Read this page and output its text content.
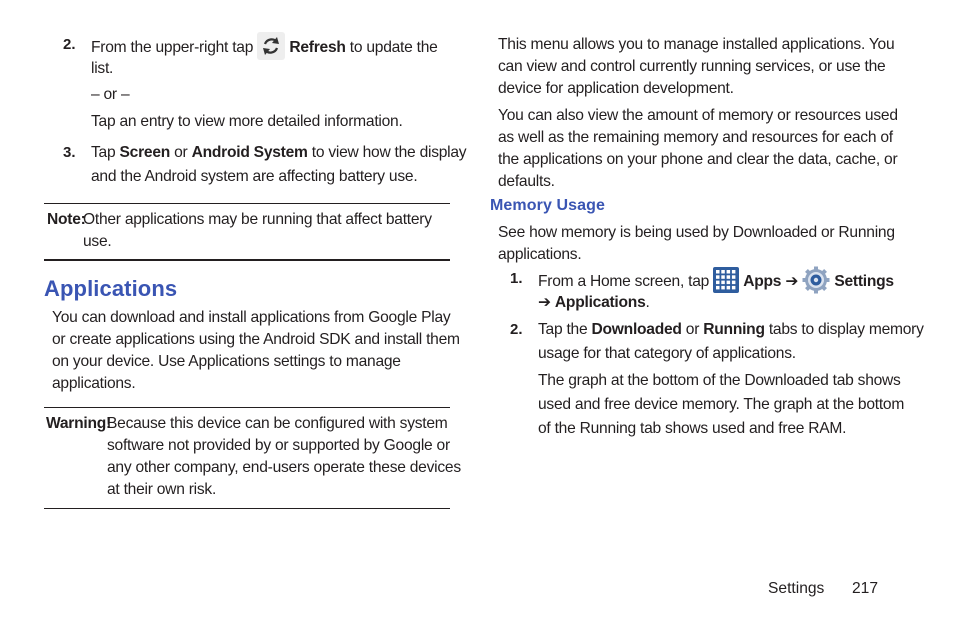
2. From the upper-right tap Refresh to update the
list.
– or –
Tap an entry to view more detailed information.
3. Tap Screen or Android System to view how the display
and the Android system are affecting battery use.
Note:
Other applications may be running that affect battery
use.
Applications
You can download and install applications from Google Play
or create applications using the Android SDK and install them
on your device. Use Applications settings to manage
applications.
Warning!
Because this device can be configured with system
software not provided by or supported by Google or
any other company, end-users operate these devices
at their own risk.
This menu allows you to manage installed applications. You
can view and control currently running services, or use the
device for application development.
You can also view the amount of memory or resources used
as well as the remaining memory and resources for each of
the applications on your phone and clear the data, cache, or
defaults.
Memory Usage
See how memory is being used by Downloaded or Running
applications.
1. From a Home screen, tap Apps ➔ Settings
➔ Applications.
2. Tap the Downloaded or Running tabs to display memory
usage for that category of applications.
The graph at the bottom of the Downloaded tab shows
used and free device memory. The graph at the bottom
of the Running tab shows used and free RAM.
Settings 217
